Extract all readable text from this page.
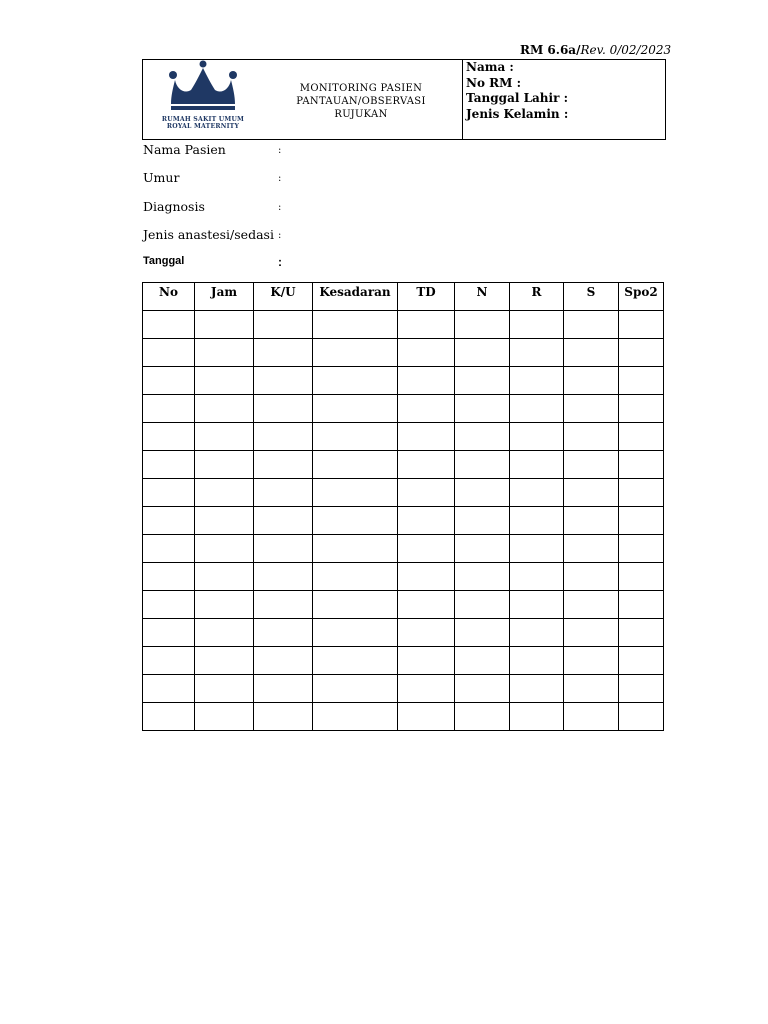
RM 6.6a/Rev. 0/02/2023
RUMAH SAKIT UMUM
ROYAL MATERNITY
MONITORING PASIEN
PANTAUAN/OBSERVASI
RUJUKAN
Nama :
No RM :
Tanggal Lahir :
Jenis Kelamin :
Nama Pasien	:
Umur	:
Diagnosis	:
Jenis anastesi/sedasi :
Tanggal	:
No	Jam	K/U	Kesadaran	TD	N	R	S	Spo2
